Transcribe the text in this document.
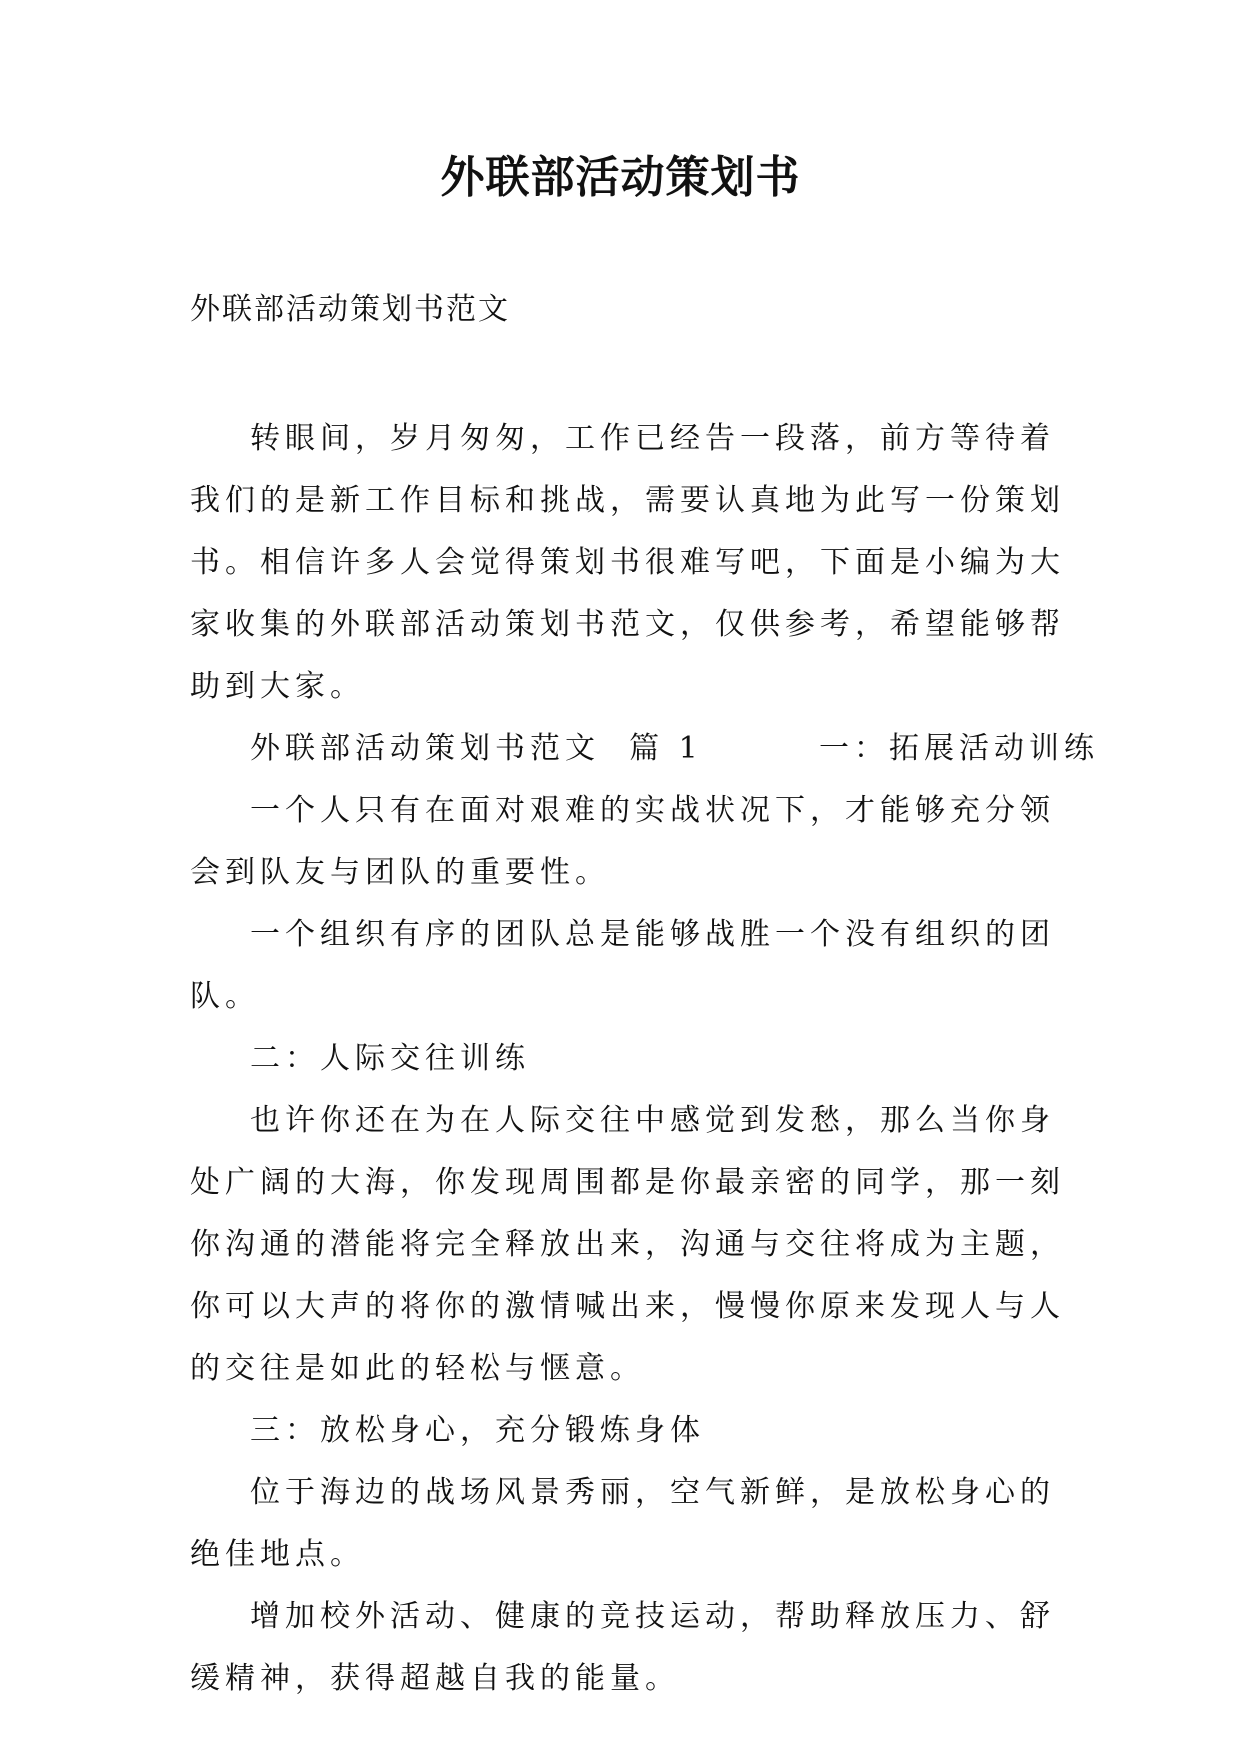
外联部活动策划书
外联部活动策划书范文

转眼间，岁月匆匆，工作已经告一段落，前方等待着我们的是新工作目标和挑战，需要认真地为此写一份策划书。相信许多人会觉得策划书很难写吧，下面是小编为大家收集的外联部活动策划书范文，仅供参考，希望能够帮助到大家。

外联部活动策划书范文  篇 1        一：拓展活动训练

一个人只有在面对艰难的实战状况下，才能够充分领会到队友与团队的重要性。

一个组织有序的团队总是能够战胜一个没有组织的团队。

二：人际交往训练

也许你还在为在人际交往中感觉到发愁，那么当你身处广阔的大海，你发现周围都是你最亲密的同学，那一刻你沟通的潜能将完全释放出来，沟通与交往将成为主题，你可以大声的将你的激情喊出来，慢慢你原来发现人与人的交往是如此的轻松与惬意。

三：放松身心，充分锻炼身体

位于海边的战场风景秀丽，空气新鲜，是放松身心的绝佳地点。

增加校外活动、健康的竞技运动，帮助释放压力、舒缓精神，获得超越自我的能量。
